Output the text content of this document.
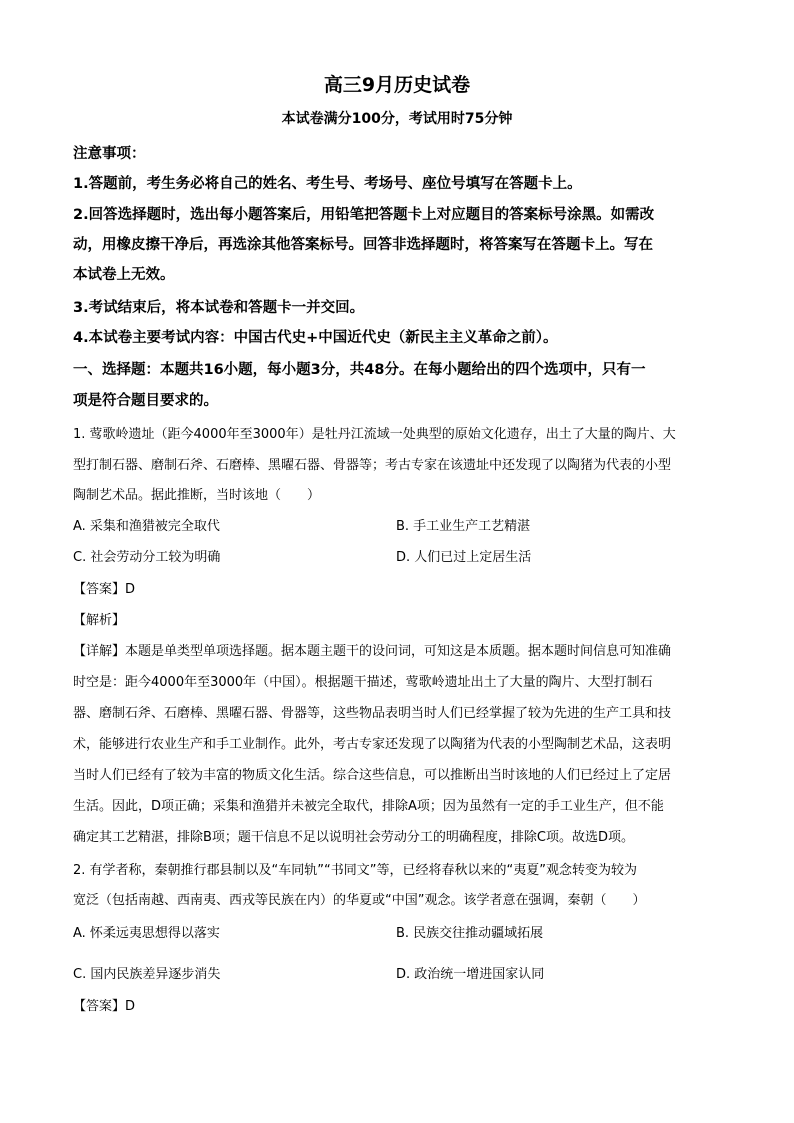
高三9月历史试卷
本试卷满分100分，考试用时75分钟
注意事项：
1.答题前，考生务必将自己的姓名、考生号、考场号、座位号填写在答题卡上。
2.回答选择题时，选出每小题答案后，用铅笔把答题卡上对应题目的答案标号涂黑。如需改
动，用橡皮擦干净后，再选涂其他答案标号。回答非选择题时，将答案写在答题卡上。写在
本试卷上无效。
3.考试结束后，将本试卷和答题卡一并交回。
4.本试卷主要考试内容：中国古代史+中国近代史（新民主主义革命之前）。
一、选择题：本题共16小题，每小题3分，共48分。在每小题给出的四个选项中，只有一
项是符合题目要求的。
1. 莺歌岭遗址（距今4000年至3000年）是牡丹江流域一处典型的原始文化遗存，出土了大量的陶片、大
型打制石器、磨制石斧、石磨棒、黑曜石器、骨器等；考古专家在该遗址中还发现了以陶猪为代表的小型
陶制艺术品。据此推断，当时该地（　　）
A. 采集和渔猎被完全取代	B. 手工业生产工艺精湛
C. 社会劳动分工较为明确	D. 人们已过上定居生活
【答案】D
【解析】
【详解】本题是单类型单项选择题。据本题主题干的设问词，可知这是本质题。据本题时间信息可知准确
时空是：距今4000年至3000年（中国）。根据题干描述，莺歌岭遗址出土了大量的陶片、大型打制石
器、磨制石斧、石磨棒、黑曜石器、骨器等，这些物品表明当时人们已经掌握了较为先进的生产工具和技
术，能够进行农业生产和手工业制作。此外，考古专家还发现了以陶猪为代表的小型陶制艺术品，这表明
当时人们已经有了较为丰富的物质文化生活。综合这些信息，可以推断出当时该地的人们已经过上了定居
生活。因此，D项正确；采集和渔猎并未被完全取代，排除A项；因为虽然有一定的手工业生产，但不能
确定其工艺精湛，排除B项；题干信息不足以说明社会劳动分工的明确程度，排除C项。故选D项。
2. 有学者称，秦朝推行郡县制以及“车同轨”“书同文”等，已经将春秋以来的“夷夏”观念转变为较为
宽泛（包括南越、西南夷、西戎等民族在内）的华夏或“中国”观念。该学者意在强调，秦朝（　　）
A. 怀柔远夷思想得以落实	B. 民族交往推动疆域拓展
C. 国内民族差异逐步消失	D. 政治统一增进国家认同
【答案】D
